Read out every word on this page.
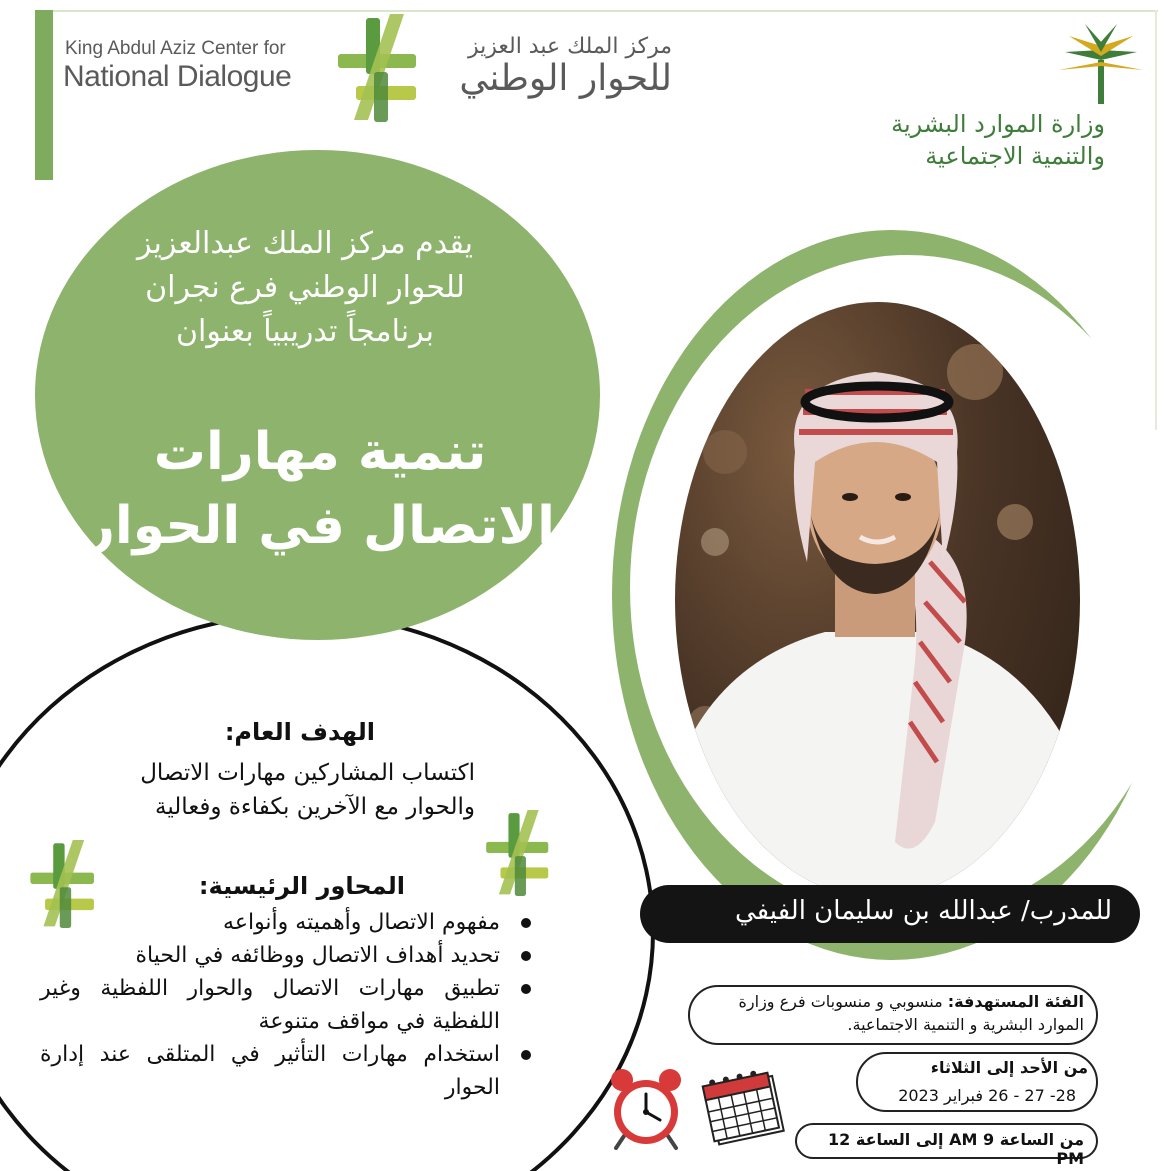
King Abdul Aziz Center for
National Dialogue
مركز الملك عبد العزيز
للحوار الوطني
وزارة الموارد البشرية
والتنمية الاجتماعية
يقدم مركز الملك عبدالعزيز
للحوار الوطني فرع نجران
برنامجاً تدريبياً بعنوان
تنمية مهارات
الاتصال في الحوار
الهدف العام:
اكتساب المشاركين مهارات الاتصال
والحوار مع الآخرين بكفاءة وفعالية
المحاور الرئيسية:
مفهوم الاتصال وأهميته وأنواعه
تحديد أهداف الاتصال ووظائفه في الحياة
تطبيق مهارات الاتصال والحوار اللفظية وغير اللفظية في مواقف متنوعة
استخدام مهارات التأثير في المتلقى عند إدارة الحوار
للمدرب/ عبدالله بن سليمان الفيفي
الفئة المستهدفة: منسوبي و منسوبات فرع وزارة الموارد البشرية و التنمية الاجتماعية.
من الأحد إلى الثلاثاء
28- 27 - 26 فبراير 2023
من الساعة 9 AM إلى الساعة 12 PM
